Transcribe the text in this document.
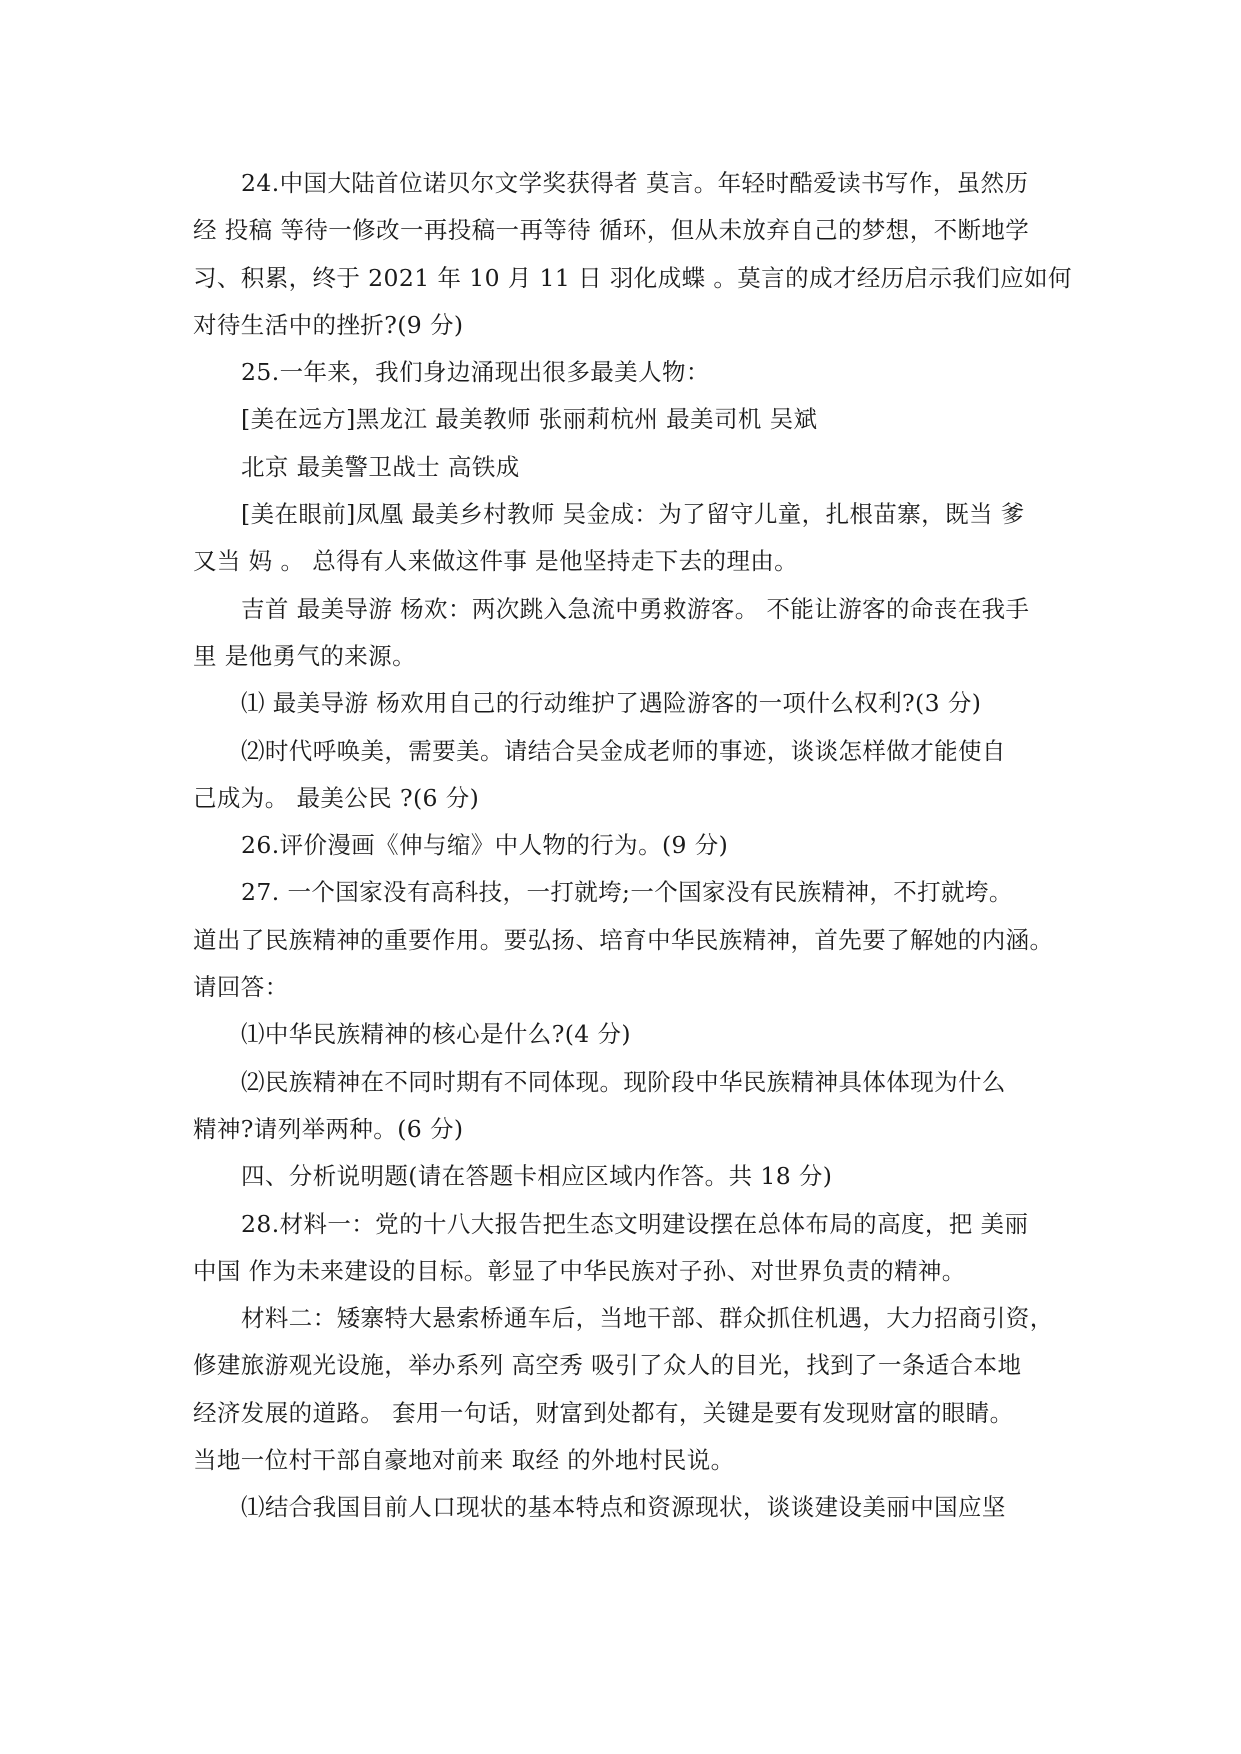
24.中国大陆首位诺贝尔文学奖获得者 莫言。年轻时酷爱读书写作，虽然历
经 投稿 等待一修改一再投稿一再等待 循环，但从未放弃自己的梦想，不断地学
习、积累，终于 2021 年 10 月 11 日 羽化成蝶 。莫言的成才经历启示我们应如何
对待生活中的挫折?(9 分)
25.一年来，我们身边涌现出很多最美人物：
[美在远方]黑龙江 最美教师 张丽莉杭州 最美司机 吴斌
北京 最美警卫战士 高铁成
[美在眼前]凤凰 最美乡村教师 吴金成：为了留守儿童，扎根苗寨，既当 爹
又当 妈 。 总得有人来做这件事 是他坚持走下去的理由。
吉首 最美导游 杨欢：两次跳入急流中勇救游客。 不能让游客的命丧在我手
里 是他勇气的来源。
⑴ 最美导游 杨欢用自己的行动维护了遇险游客的一项什么权利?(3 分)
⑵时代呼唤美，需要美。请结合吴金成老师的事迹，谈谈怎样做才能使自
己成为。 最美公民 ?(6 分)
26.评价漫画《伸与缩》中人物的行为。(9 分)
27. 一个国家没有高科技，一打就垮;一个国家没有民族精神，不打就垮。
道出了民族精神的重要作用。要弘扬、培育中华民族精神，首先要了解她的内涵。
请回答：
⑴中华民族精神的核心是什么?(4 分)
⑵民族精神在不同时期有不同体现。现阶段中华民族精神具体体现为什么
精神?请列举两种。(6 分)
四、分析说明题(请在答题卡相应区域内作答。共 18 分)
28.材料一：党的十八大报告把生态文明建设摆在总体布局的高度，把 美丽
中国 作为未来建设的目标。彰显了中华民族对子孙、对世界负责的精神。
材料二：矮寨特大悬索桥通车后，当地干部、群众抓住机遇，大力招商引资，
修建旅游观光设施，举办系列 高空秀 吸引了众人的目光，找到了一条适合本地
经济发展的道路。 套用一句话，财富到处都有，关键是要有发现财富的眼睛。
当地一位村干部自豪地对前来 取经 的外地村民说。
⑴结合我国目前人口现状的基本特点和资源现状，谈谈建设美丽中国应坚
